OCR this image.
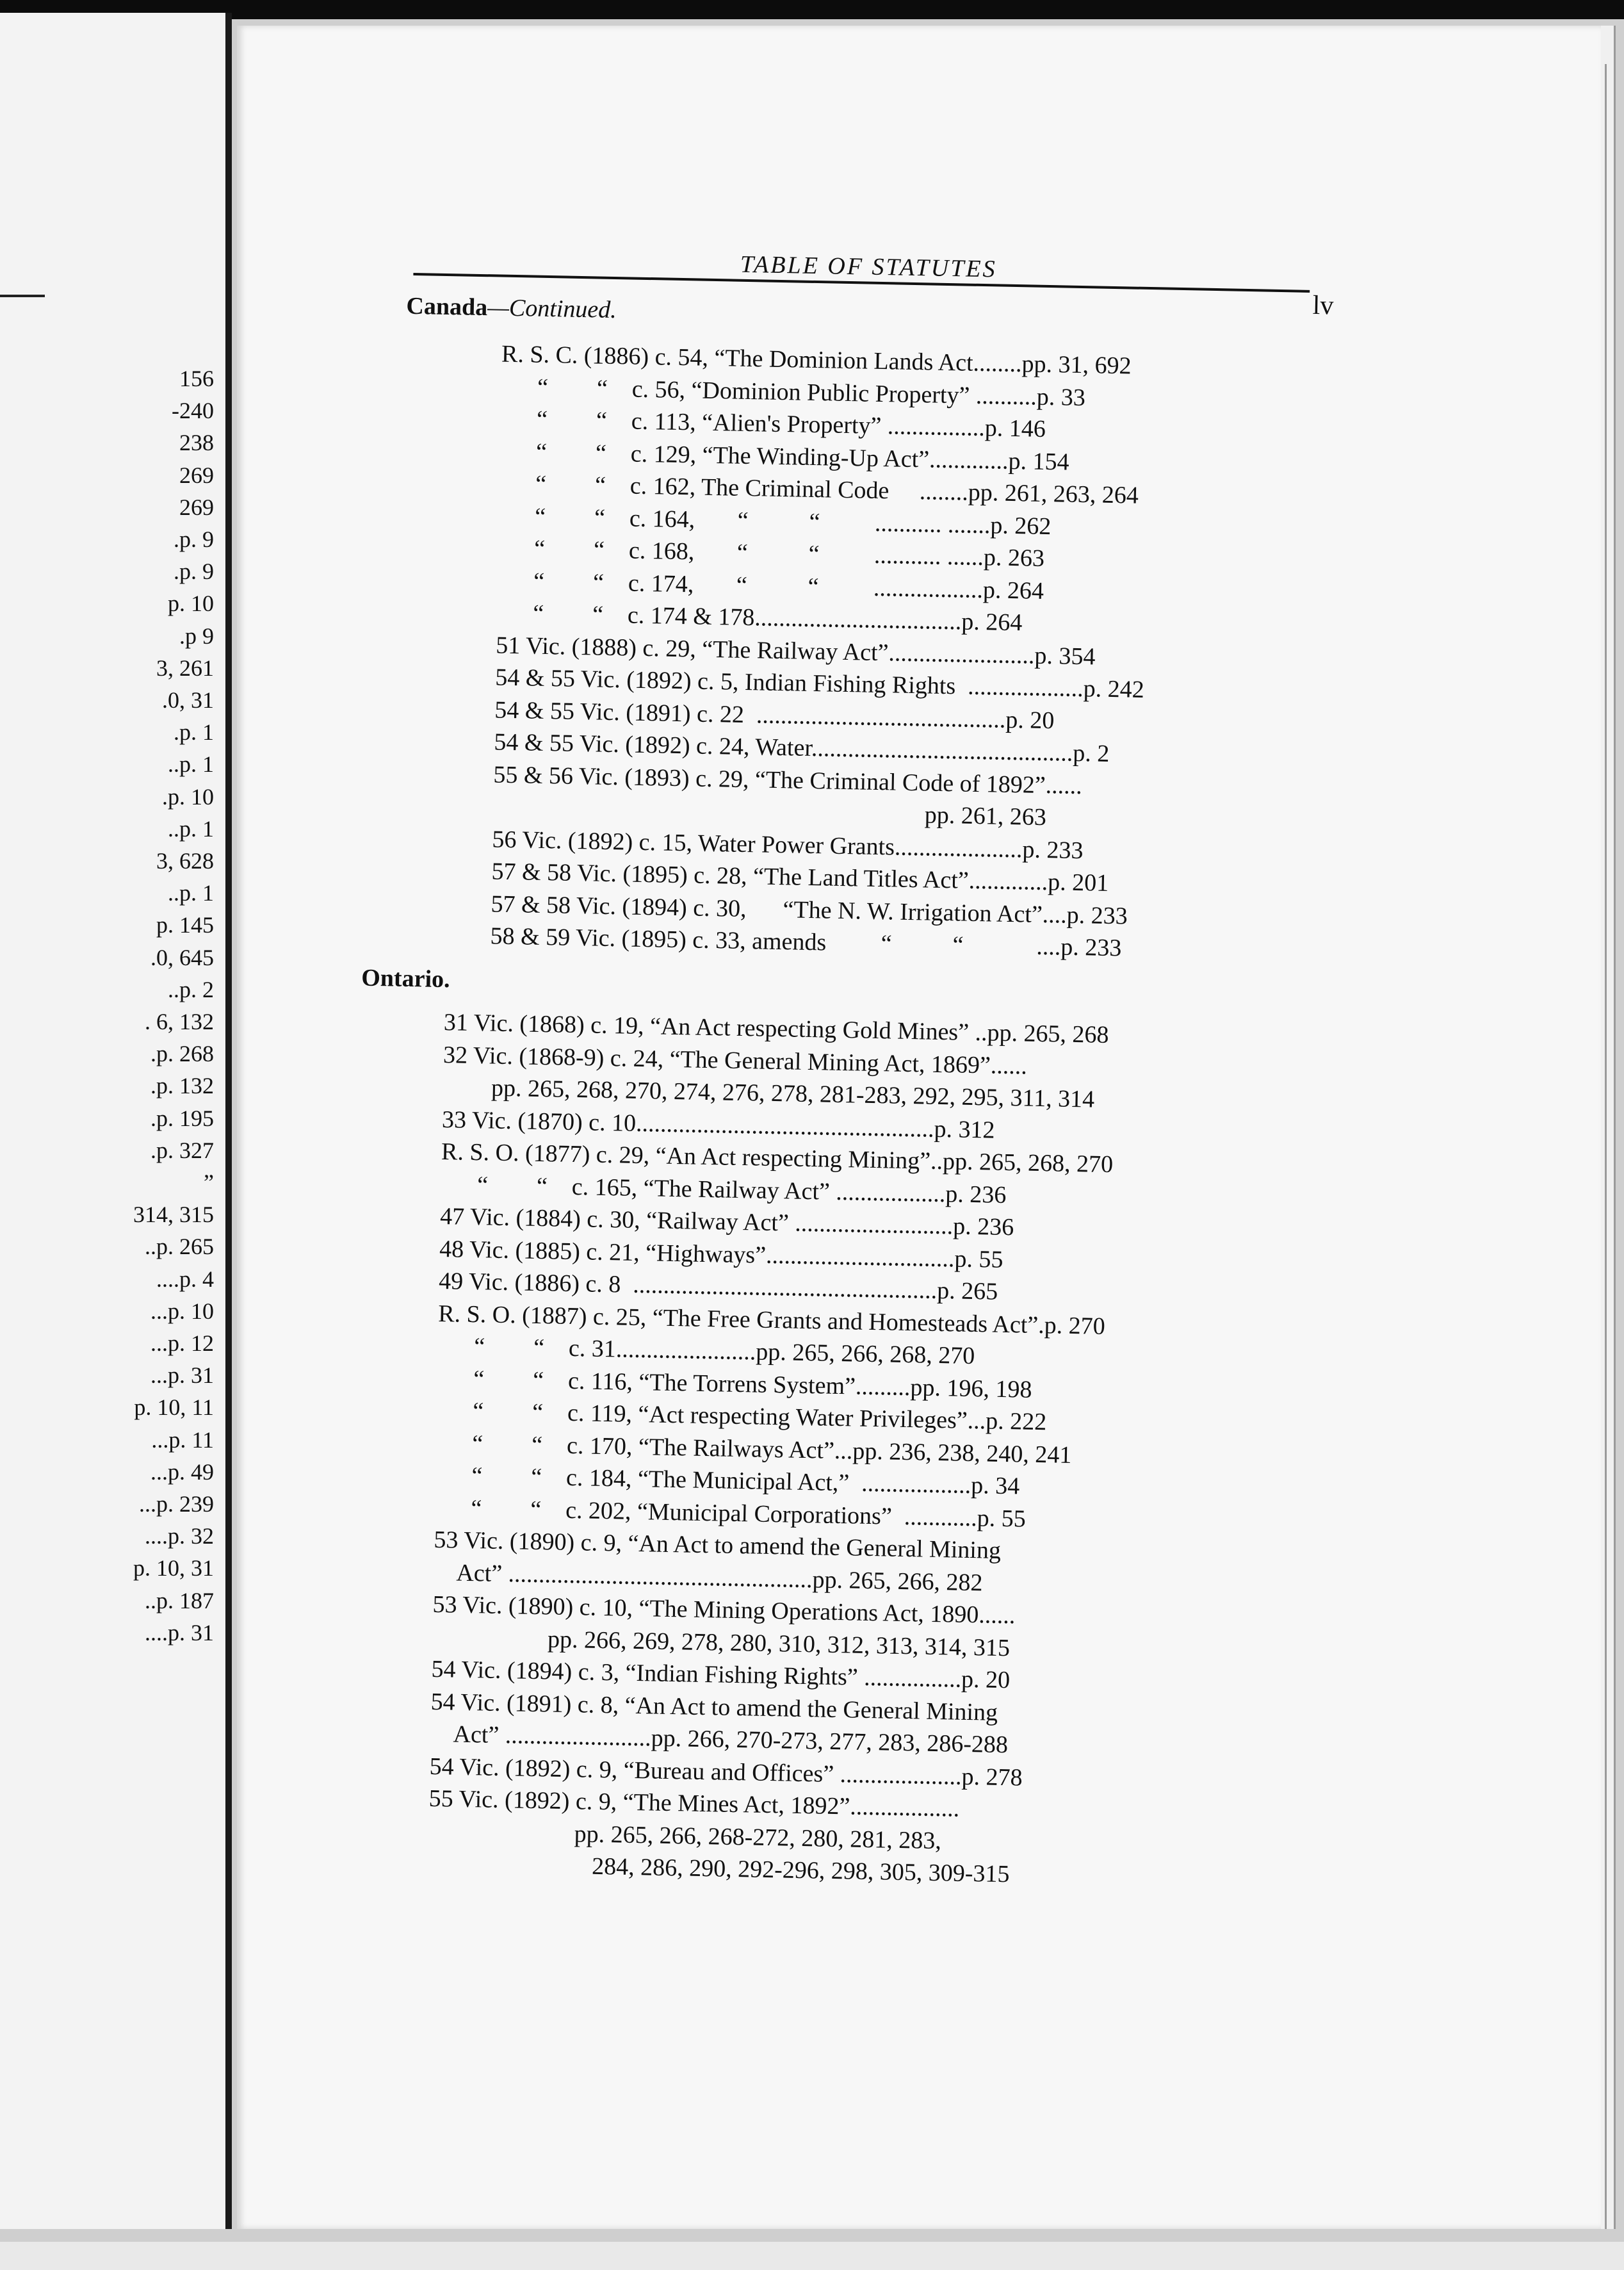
156
-240
238
269
269
.p. 9
.p. 9
p. 10
.p 9
3, 261
.0, 31
.p. 1
..p. 1
.p. 10
..p. 1
3, 628
..p. 1
p. 145
.0, 645
..p. 2
. 6, 132
.p. 268
.p. 132
.p. 195
.p. 327
”
314, 315
..p. 265
....p. 4
...p. 10
...p. 12
...p. 31
p. 10, 11
...p. 11
...p. 49
...p. 239
....p. 32
p. 10, 31
..p. 187
....p. 31
TABLE OF STATUTES
lv
Canada—Continued.
R. S. C. (1886) c. 54, “The Dominion Lands Act........pp. 31, 692
“        “    c. 56, “Dominion Public Property” ..........p. 33
“        “    c. 113, “Alien's Property” ................p. 146
“        “    c. 129, “The Winding-Up Act”.............p. 154
“        “    c. 162, The Criminal Code     ........pp. 261, 263, 264
“        “    c. 164,       “          “         ........... .......p. 262
“        “    c. 168,       “          “         ........... ......p. 263
“        “    c. 174,       “          “         ..................p. 264
“        “    c. 174 & 178..................................p. 264
51 Vic. (1888) c. 29, “The Railway Act”........................p. 354
54 & 55 Vic. (1892) c. 5, Indian Fishing Rights  ...................p. 242
54 & 55 Vic. (1891) c. 22  .........................................p. 20
54 & 55 Vic. (1892) c. 24, Water...........................................p. 2
55 & 56 Vic. (1893) c. 29, “The Criminal Code of 1892”......
pp. 261, 263
56 Vic. (1892) c. 15, Water Power Grants.....................p. 233
57 & 58 Vic. (1895) c. 28, “The Land Titles Act”.............p. 201
57 & 58 Vic. (1894) c. 30,      “The N. W. Irrigation Act”....p. 233
58 & 59 Vic. (1895) c. 33, amends         “          “            ....p. 233
Ontario.
31 Vic. (1868) c. 19, “An Act respecting Gold Mines” ..pp. 265, 268
32 Vic. (1868-9) c. 24, “The General Mining Act, 1869”......
pp. 265, 268, 270, 274, 276, 278, 281-283, 292, 295, 311, 314
33 Vic. (1870) c. 10.................................................p. 312
R. S. O. (1877) c. 29, “An Act respecting Mining”..pp. 265, 268, 270
“        “    c. 165, “The Railway Act” ..................p. 236
47 Vic. (1884) c. 30, “Railway Act” ..........................p. 236
48 Vic. (1885) c. 21, “Highways”...............................p. 55
49 Vic. (1886) c. 8  ..................................................p. 265
R. S. O. (1887) c. 25, “The Free Grants and Homesteads Act”.p. 270
“        “    c. 31.......................pp. 265, 266, 268, 270
“        “    c. 116, “The Torrens System”.........pp. 196, 198
“        “    c. 119, “Act respecting Water Privileges”...p. 222
“        “    c. 170, “The Railways Act”...pp. 236, 238, 240, 241
“        “    c. 184, “The Municipal Act,”  ..................p. 34
“        “    c. 202, “Municipal Corporations”  ............p. 55
53 Vic. (1890) c. 9, “An Act to amend the General Mining
Act” ..................................................pp. 265, 266, 282
53 Vic. (1890) c. 10, “The Mining Operations Act, 1890......
pp. 266, 269, 278, 280, 310, 312, 313, 314, 315
54 Vic. (1894) c. 3, “Indian Fishing Rights” ................p. 20
54 Vic. (1891) c. 8, “An Act to amend the General Mining
Act” ........................pp. 266, 270-273, 277, 283, 286-288
54 Vic. (1892) c. 9, “Bureau and Offices” ....................p. 278
55 Vic. (1892) c. 9, “The Mines Act, 1892”..................
pp. 265, 266, 268-272, 280, 281, 283,
284, 286, 290, 292-296, 298, 305, 309-315
